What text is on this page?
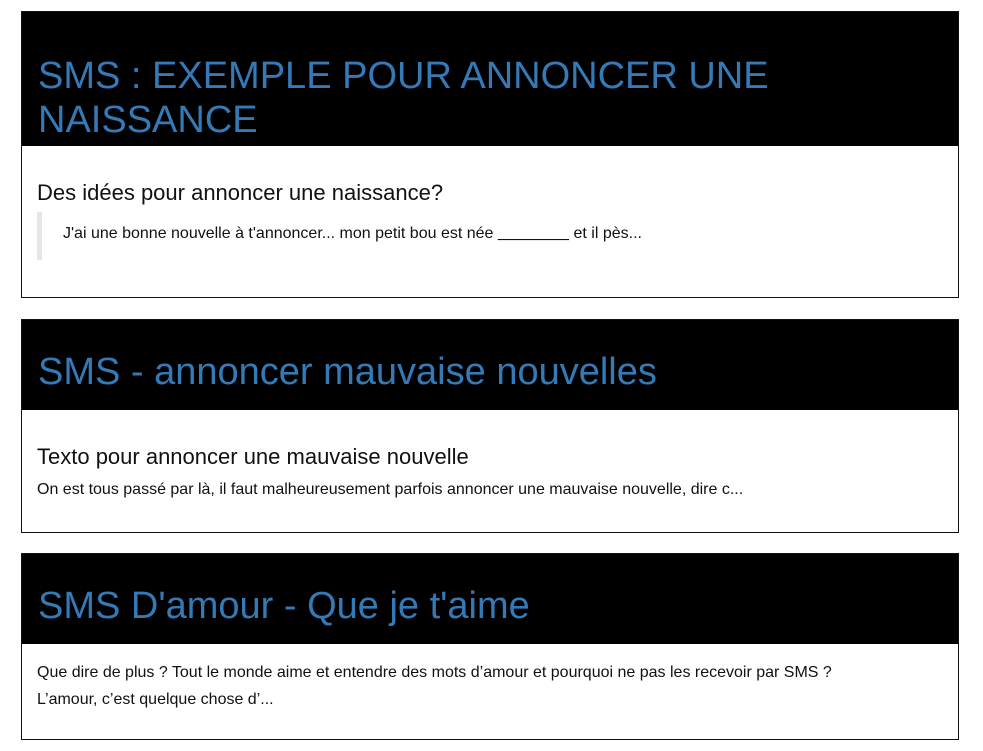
SMS : EXEMPLE POUR ANNONCER UNE NAISSANCE
Des idées pour annoncer une naissance?
J'ai une bonne nouvelle à t'annoncer... mon petit bou est née ________ et il pès...
SMS - annoncer mauvaise nouvelles
Texto pour annoncer une mauvaise nouvelle

On est tous passé par là, il faut malheureusement parfois annoncer une mauvaise nouvelle, dire c...

SMS D'amour - Que je t'aime

Que dire de plus ? Tout le monde aime et entendre des mots d’amour et pourquoi ne pas les recevoir par SMS ?

L’amour, c’est quelque chose d’...
